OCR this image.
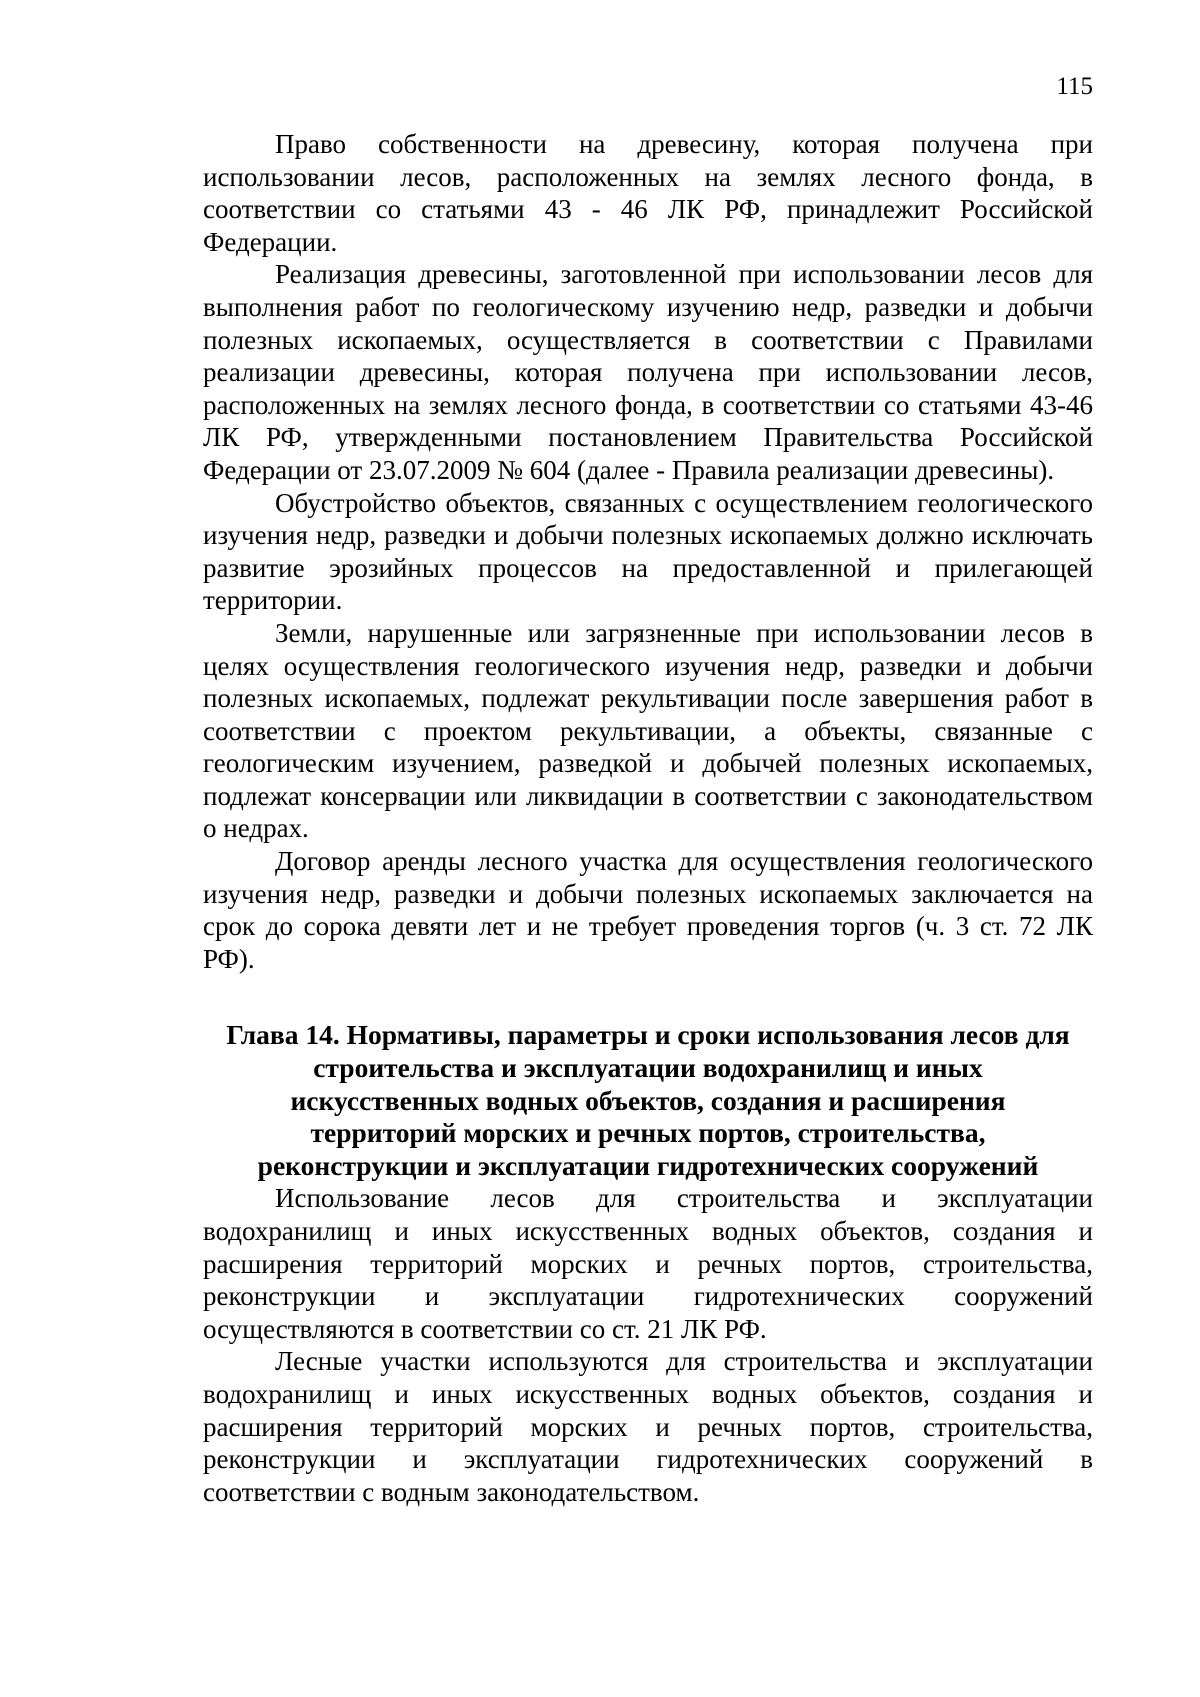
115

Право собственности на древесину, которая получена при использовании лесов, расположенных на землях лесного фонда, в соответствии со статьями 43 - 46 ЛК РФ, принадлежит Российской Федерации.

Реализация древесины, заготовленной при использовании лесов для выполнения работ по геологическому изучению недр, разведки и добычи полезных ископаемых, осуществляется в соответствии с Правилами реализации древесины, которая получена при использовании лесов, расположенных на землях лесного фонда, в соответствии со статьями 43-46 ЛК РФ, утвержденными постановлением Правительства Российской Федерации от 23.07.2009 № 604 (далее - Правила реализации древесины).

Обустройство объектов, связанных с осуществлением геологического изучения недр, разведки и добычи полезных ископаемых должно исключать развитие эрозийных процессов на предоставленной и прилегающей территории.

Земли, нарушенные или загрязненные при использовании лесов в целях осуществления геологического изучения недр, разведки и добычи полезных ископаемых, подлежат рекультивации после завершения работ в соответствии с проектом рекультивации, а объекты, связанные с геологическим изучением, разведкой и добычей полезных ископаемых, подлежат консервации или ликвидации в соответствии с законодательством о недрах.

Договор аренды лесного участка для осуществления геологического изучения недр, разведки и добычи полезных ископаемых заключается на срок до сорока девяти лет и не требует проведения торгов (ч. 3 ст. 72 ЛК РФ).

Глава 14. Нормативы, параметры и сроки использования лесов для
строительства и эксплуатации водохранилищ и иных
искусственных водных объектов, создания и расширения
территорий морских и речных портов, строительства,
реконструкции и эксплуатации гидротехнических сооружений

Использование лесов для строительства и эксплуатации водохранилищ и иных искусственных водных объектов, создания и расширения территорий морских и речных портов, строительства, реконструкции и эксплуатации гидротехнических сооружений осуществляются в соответствии со ст. 21 ЛК РФ.

Лесные участки используются для строительства и эксплуатации водохранилищ и иных искусственных водных объектов, создания и расширения территорий морских и речных портов, строительства, реконструкции и эксплуатации гидротехнических сооружений в соответствии с водным законодательством.
